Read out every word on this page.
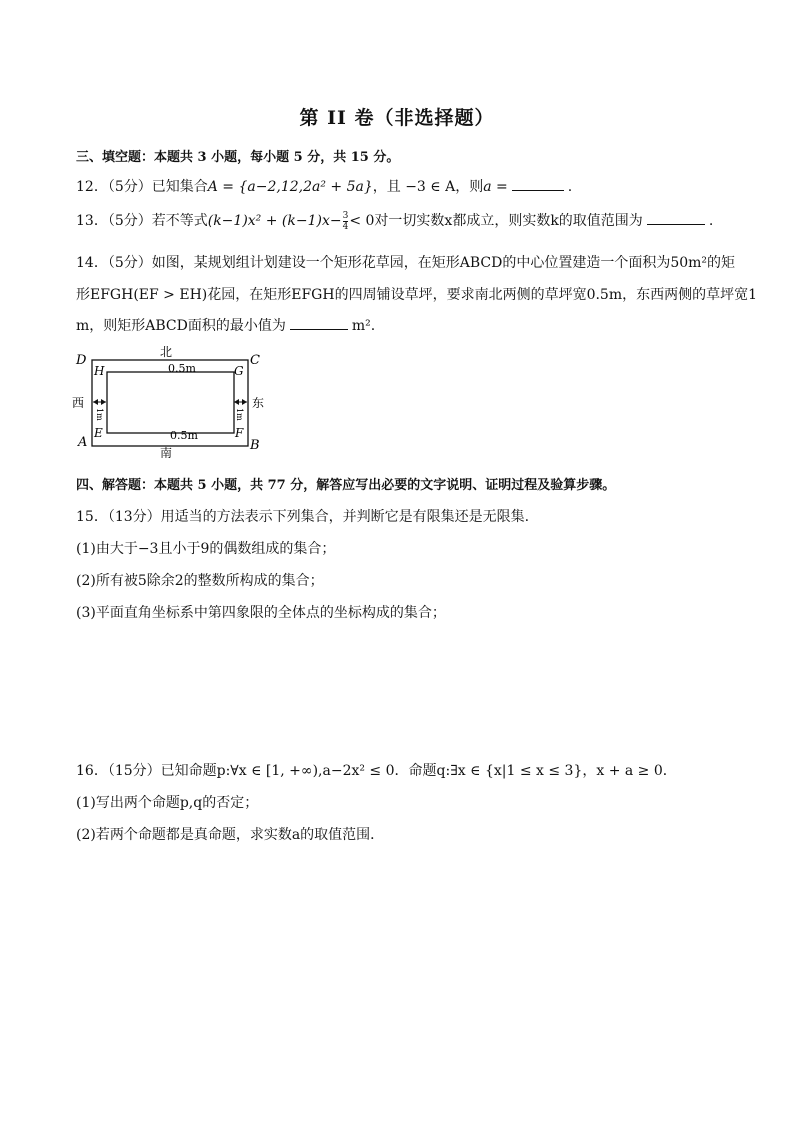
第 II 卷（非选择题）
三、填空题：本题共 3 小题，每小题 5 分，共 15 分。
12．（5分）已知集合A = {a−2,12,2a² + 5a}，且 −3 ∈ A，则a =	.
13．（5分）若不等式$(k-1)x^2 + (k-1)x- \frac{3}{4} < 0$对一切实数x都成立，则实数k的取值范围为	.
14．（5分）如图，某规划组计划建设一个矩形花草园，在矩形ABCD的中心位置建造一个面积为50m²的矩
形EFGH(EF > EH)花园，在矩形EFGH的四周铺设草坪，要求南北两侧的草坪宽0.5m，东西两侧的草坪宽1
m，则矩形ABCD面积的最小值为	m².
D	C
A	B
H	G
E	F
北
南
西	东
0.5m
0.5m
1m	1m
四、解答题：本题共 5 小题，共 77 分，解答应写出必要的文字说明、证明过程及验算步骤。
15．（13分）用适当的方法表示下列集合，并判断它是有限集还是无限集.
(1)由大于−3且小于9的偶数组成的集合；
(2)所有被5除余2的整数所构成的集合；
(3)平面直角坐标系中第四象限的全体点的坐标构成的集合；
16．（15分）已知命题p:∀x ∈ [1, +∞),a−2x² ≤ 0．命题q:∃x ∈ {x|1 ≤ x ≤ 3}，x + a ≥ 0．
(1)写出两个命题p,q的否定；
(2)若两个命题都是真命题，求实数a的取值范围．
